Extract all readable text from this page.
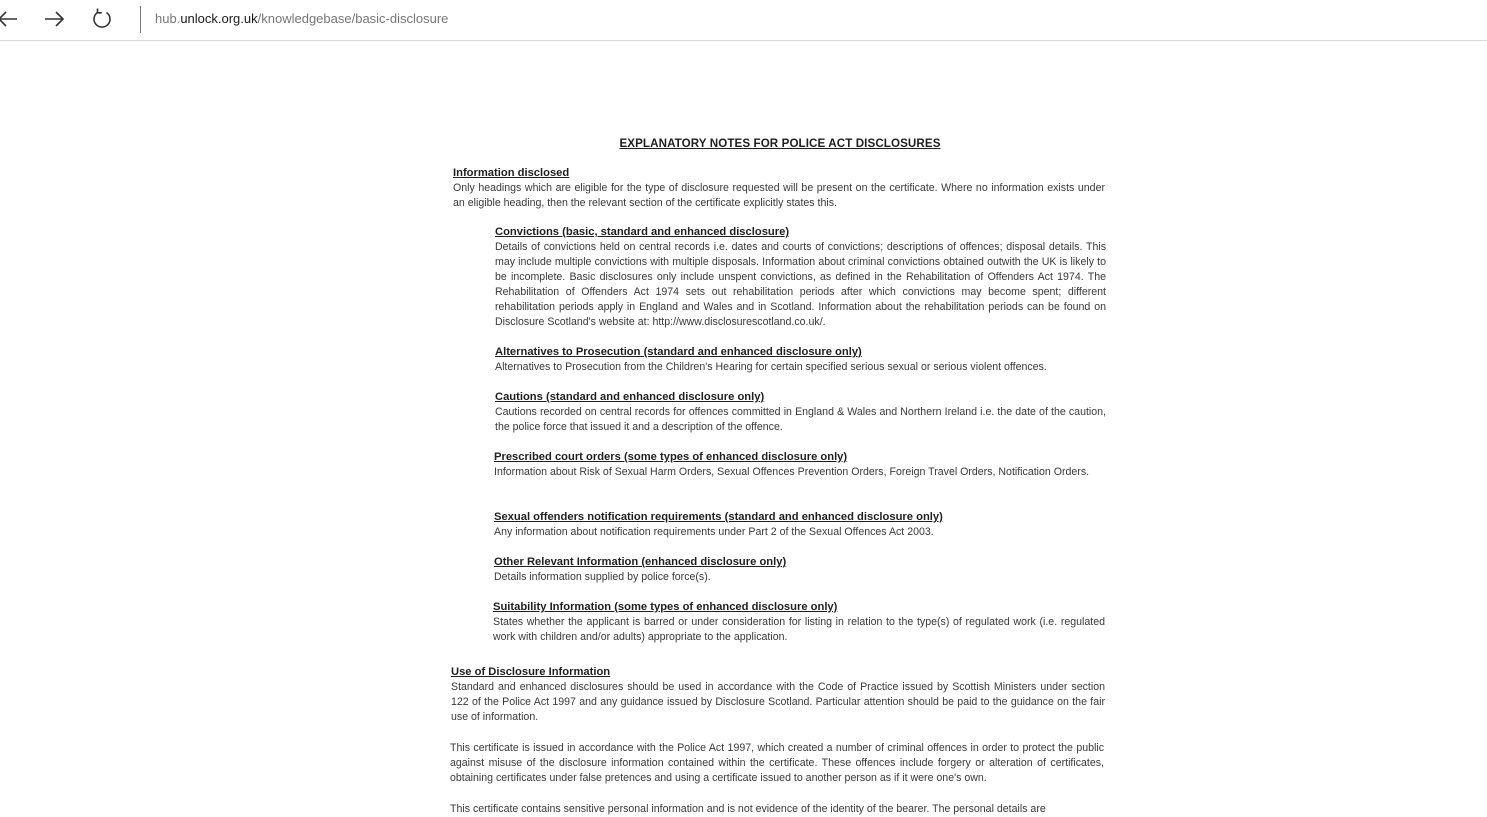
hub.unlock.org.uk/knowledgebase/basic-disclosure
EXPLANATORY NOTES FOR POLICE ACT DISCLOSURES
Information disclosed
Only headings which are eligible for the type of disclosure requested will be present on the certificate. Where no information exists under an eligible heading, then the relevant section of the certificate explicitly states this.
Convictions (basic, standard and enhanced disclosure)
Details of convictions held on central records i.e. dates and courts of convictions; descriptions of offences; disposal details. This may include multiple convictions with multiple disposals. Information about criminal convictions obtained outwith the UK is likely to be incomplete. Basic disclosures only include unspent convictions, as defined in the Rehabilitation of Offenders Act 1974. The Rehabilitation of Offenders Act 1974 sets out rehabilitation periods after which convictions may become spent; different rehabilitation periods apply in England and Wales and in Scotland. Information about the rehabilitation periods can be found on Disclosure Scotland's website at: http://www.disclosurescotland.co.uk/.
Alternatives to Prosecution (standard and enhanced disclosure only)
Alternatives to Prosecution from the Children's Hearing for certain specified serious sexual or serious violent offences.
Cautions (standard and enhanced disclosure only)
Cautions recorded on central records for offences committed in England & Wales and Northern Ireland i.e. the date of the caution, the police force that issued it and a description of the offence.
Prescribed court orders (some types of enhanced disclosure only)
Information about Risk of Sexual Harm Orders, Sexual Offences Prevention Orders, Foreign Travel Orders, Notification Orders.
Sexual offenders notification requirements (standard and enhanced disclosure only)
Any information about notification requirements under Part 2 of the Sexual Offences Act 2003.
Other Relevant Information (enhanced disclosure only)
Details information supplied by police force(s).
Suitability Information (some types of enhanced disclosure only)
States whether the applicant is barred or under consideration for listing in relation to the type(s) of regulated work (i.e. regulated work with children and/or adults) appropriate to the application.
Use of Disclosure Information
Standard and enhanced disclosures should be used in accordance with the Code of Practice issued by Scottish Ministers under section 122 of the Police Act 1997 and any guidance issued by Disclosure Scotland. Particular attention should be paid to the guidance on the fair use of information.
This certificate is issued in accordance with the Police Act 1997, which created a number of criminal offences in order to protect the public against misuse of the disclosure information contained within the certificate. These offences include forgery or alteration of certificates, obtaining certificates under false pretences and using a certificate issued to another person as if it were one's own.
This certificate contains sensitive personal information and is not evidence of the identity of the bearer. The personal details are
